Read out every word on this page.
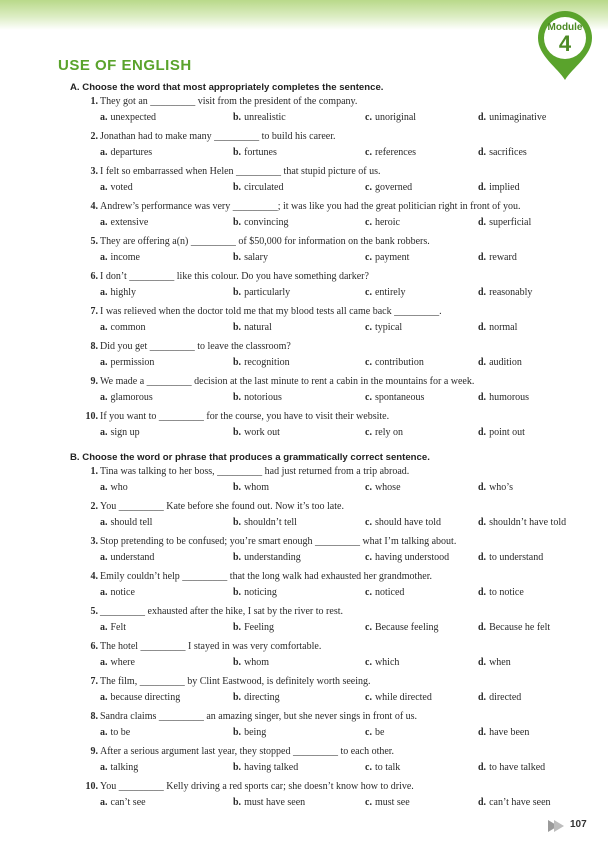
Module
4
USE OF ENGLISH
A. Choose the word that most appropriately completes the sentence.
1. They got an _________ visit from the president of the company.
a. unexpected	b. unrealistic	c. unoriginal	d. unimaginative
2. Jonathan had to make many _________ to build his career.
a. departures	b. fortunes	c. references	d. sacrifices
3. I felt so embarrassed when Helen _________ that stupid picture of us.
a. voted	b. circulated	c. governed	d. implied
4. Andrew’s performance was very _________; it was like you had the great politician right in front of you.
a. extensive	b. convincing	c. heroic	d. superficial
5. They are offering a(n) _________ of $50,000 for information on the bank robbers.
a. income	b. salary	c. payment	d. reward
6. I don’t _________ like this colour. Do you have something darker?
a. highly	b. particularly	c. entirely	d. reasonably
7. I was relieved when the doctor told me that my blood tests all came back _________.
a. common	b. natural	c. typical	d. normal
8. Did you get _________ to leave the classroom?
a. permission	b. recognition	c. contribution	d. audition
9. We made a _________ decision at the last minute to rent a cabin in the mountains for a week.
a. glamorous	b. notorious	c. spontaneous	d. humorous
10. If you want to _________ for the course, you have to visit their website.
a. sign up	b. work out	c. rely on	d. point out
B. Choose the word or phrase that produces a grammatically correct sentence.
1. Tina was talking to her boss, _________ had just returned from a trip abroad.
a. who	b. whom	c. whose	d. who’s
2. You _________ Kate before she found out. Now it’s too late.
a. should tell	b. shouldn’t tell	c. should have told	d. shouldn’t have told
3. Stop pretending to be confused; you’re smart enough _________ what I’m talking about.
a. understand	b. understanding	c. having understood	d. to understand
4. Emily couldn’t help _________ that the long walk had exhausted her grandmother.
a. notice	b. noticing	c. noticed	d. to notice
5. _________ exhausted after the hike, I sat by the river to rest.
a. Felt	b. Feeling	c. Because feeling	d. Because he felt
6. The hotel _________ I stayed in was very comfortable.
a. where	b. whom	c. which	d. when
7. The film, _________ by Clint Eastwood, is definitely worth seeing.
a. because directing	b. directing	c. while directed	d. directed
8. Sandra claims _________ an amazing singer, but she never sings in front of us.
a. to be	b. being	c. be	d. have been
9. After a serious argument last year, they stopped _________ to each other.
a. talking	b. having talked	c. to talk	d. to have talked
10. You _________ Kelly driving a red sports car; she doesn’t know how to drive.
a. can’t see	b. must have seen	c. must see	d. can’t have seen
107
